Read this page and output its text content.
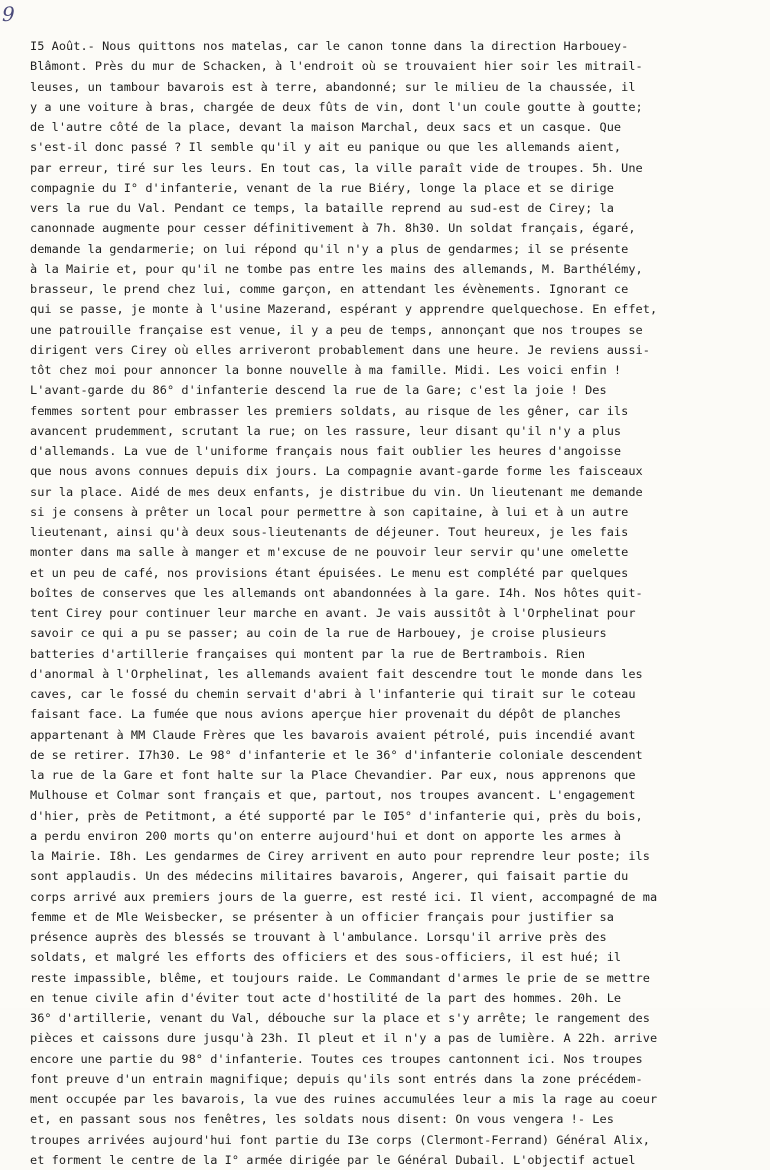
9
I5 Août.- Nous quittons nos matelas, car le canon tonne dans la direction Harbouey-
Blâmont. Près du mur de Schacken, à l'endroit où se trouvaient hier soir les mitrail-
leuses, un tambour bavarois est à terre, abandonné; sur le milieu de la chaussée, il
y a une voiture à bras, chargée de deux fûts de vin, dont l'un coule goutte à goutte;
de l'autre côté de la place, devant la maison Marchal, deux sacs et un casque. Que
s'est-il donc passé ? Il semble qu'il y ait eu panique ou que les allemands aient,
par erreur, tiré sur les leurs. En tout cas, la ville paraît vide de troupes. 5h. Une
compagnie du I° d'infanterie, venant de la rue Biéry, longe la place et se dirige
vers la rue du Val. Pendant ce temps, la bataille reprend au sud-est de Cirey; la
canonnade augmente pour cesser définitivement à 7h. 8h30. Un soldat français, égaré,
demande la gendarmerie; on lui répond qu'il n'y a plus de gendarmes; il se présente
à la Mairie et, pour qu'il ne tombe pas entre les mains des allemands, M. Barthélémy,
brasseur, le prend chez lui, comme garçon, en attendant les évènements. Ignorant ce
qui se passe, je monte à l'usine Mazerand, espérant y apprendre quelquechose. En effet,
une patrouille française est venue, il y a peu de temps, annonçant que nos troupes se
dirigent vers Cirey où elles arriveront probablement dans une heure. Je reviens aussi-
tôt chez moi pour annoncer la bonne nouvelle à ma famille. Midi. Les voici enfin !
L'avant-garde du 86° d'infanterie descend la rue de la Gare; c'est la joie ! Des
femmes sortent pour embrasser les premiers soldats, au risque de les gêner, car ils
avancent prudemment, scrutant la rue; on les rassure, leur disant qu'il n'y a plus
d'allemands. La vue de l'uniforme français nous fait oublier les heures d'angoisse
que nous avons connues depuis dix jours. La compagnie avant-garde forme les faisceaux
sur la place. Aidé de mes deux enfants, je distribue du vin. Un lieutenant me demande
si je consens à prêter un local pour permettre à son capitaine, à lui et à un autre
lieutenant, ainsi qu'à deux sous-lieutenants de déjeuner. Tout heureux, je les fais
monter dans ma salle à manger et m'excuse de ne pouvoir leur servir qu'une omelette
et un peu de café, nos provisions étant épuisées. Le menu est complété par quelques
boîtes de conserves que les allemands ont abandonnées à la gare. I4h. Nos hôtes quit-
tent Cirey pour continuer leur marche en avant. Je vais aussitôt à l'Orphelinat pour
savoir ce qui a pu se passer; au coin de la rue de Harbouey, je croise plusieurs
batteries d'artillerie françaises qui montent par la rue de Bertrambois. Rien
d'anormal à l'Orphelinat, les allemands avaient fait descendre tout le monde dans les
caves, car le fossé du chemin servait d'abri à l'infanterie qui tirait sur le coteau
faisant face. La fumée que nous avions aperçue hier provenait du dépôt de planches
appartenant à MM Claude Frères que les bavarois avaient pétrolé, puis incendié avant
de se retirer. I7h30. Le 98° d'infanterie et le 36° d'infanterie coloniale descendent
la rue de la Gare et font halte sur la Place Chevandier. Par eux, nous apprenons que
Mulhouse et Colmar sont français et que, partout, nos troupes avancent. L'engagement
d'hier, près de Petitmont, a été supporté par le I05° d'infanterie qui, près du bois,
a perdu environ 200 morts qu'on enterre aujourd'hui et dont on apporte les armes à
la Mairie. I8h. Les gendarmes de Cirey arrivent en auto pour reprendre leur poste; ils
sont applaudis. Un des médecins militaires bavarois, Angerer, qui faisait partie du
corps arrivé aux premiers jours de la guerre, est resté ici. Il vient, accompagné de ma
femme et de Mle Weisbecker, se présenter à un officier français pour justifier sa
présence auprès des blessés se trouvant à l'ambulance. Lorsqu'il arrive près des
soldats, et malgré les efforts des officiers et des sous-officiers, il est hué; il
reste impassible, blême, et toujours raide. Le Commandant d'armes le prie de se mettre
en tenue civile afin d'éviter tout acte d'hostilité de la part des hommes. 20h. Le
36° d'artillerie, venant du Val, débouche sur la place et s'y arrête; le rangement des
pièces et caissons dure jusqu'à 23h. Il pleut et il n'y a pas de lumière. A 22h. arrive
encore une partie du 98° d'infanterie. Toutes ces troupes cantonnent ici. Nos troupes
font preuve d'un entrain magnifique; depuis qu'ils sont entrés dans la zone précédem-
ment occupée par les bavarois, la vue des ruines accumulées leur a mis la rage au coeur
et, en passant sous nos fenêtres, les soldats nous disent: On vous vengera !- Les
troupes arrivées aujourd'hui font partie du I3e corps (Clermont-Ferrand) Général Alix,
et forment le centre de la I° armée dirigée par le Général Dubail. L'objectif actuel
